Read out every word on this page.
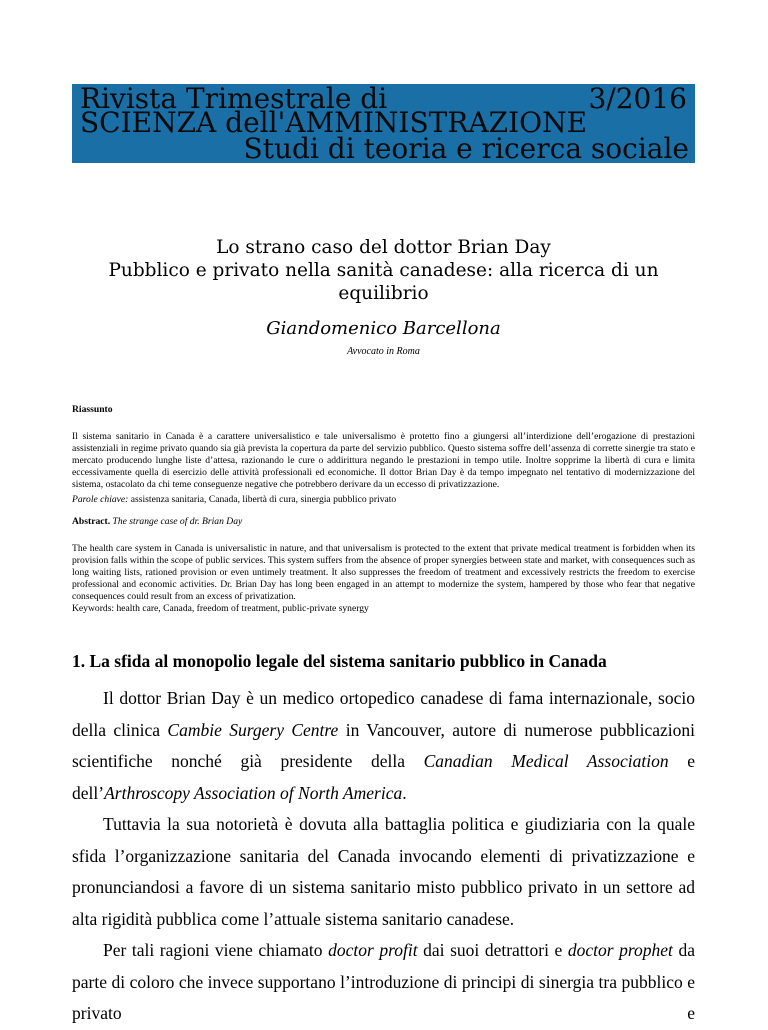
Rivista Trimestrale di	3/2016
SCIENZA dell'AMMINISTRAZIONE
Studi di teoria e ricerca sociale
Lo strano caso del dottor Brian Day
Pubblico e privato nella sanità canadese: alla ricerca di un
equilibrio
Giandomenico Barcellona
Avvocato in Roma
Riassunto
Il sistema sanitario in Canada è a carattere universalistico e tale universalismo è protetto fino a giungersi all’interdizione dell’erogazione di prestazioni assistenziali in regime privato quando sia già prevista la copertura da parte del servizio pubblico. Questo sistema soffre dell’assenza di corrette sinergie tra stato e mercato producendo lunghe liste d’attesa, razionando le cure o addirittura negando le prestazioni in tempo utile. Inoltre sopprime la libertà di cura e limita eccessivamente quella di esercizio delle attività professionali ed economiche. Il dottor Brian Day è da tempo impegnato nel tentativo di modernizzazione del sistema, ostacolato da chi teme conseguenze negative che potrebbero derivare da un eccesso di privatizzazione.
Parole chiave: assistenza sanitaria, Canada, libertà di cura, sinergia pubblico privato
Abstract. The strange case of dr. Brian Day
The health care system in Canada is universalistic in nature, and that universalism is protected to the extent that private medical treatment is forbidden when its provision falls within the scope of public services. This system suffers from the absence of proper synergies between state and market, with consequences such as long waiting lists, rationed provision or even untimely treatment. It also suppresses the freedom of treatment and excessively restricts the freedom to exercise professional and economic activities. Dr. Brian Day has long been engaged in an attempt to modernize the system, hampered by those who fear that negative consequences could result from an excess of privatization.
Keywords: health care, Canada, freedom of treatment, public-private synergy
1. La sfida al monopolio legale del sistema sanitario pubblico in Canada
Il dottor Brian Day è un medico ortopedico canadese di fama internazionale, socio della clinica Cambie Surgery Centre in Vancouver, autore di numerose pubblicazioni scientifiche nonché già presidente della Canadian Medical Association e dell’Arthroscopy Association of North America.
Tuttavia la sua notorietà è dovuta alla battaglia politica e giudiziaria con la quale sfida l’organizzazione sanitaria del Canada invocando elementi di privatizzazione e pronunciandosi a favore di un sistema sanitario misto pubblico privato in un settore ad alta rigidità pubblica come l’attuale sistema sanitario canadese.
Per tali ragioni viene chiamato doctor profit dai suoi detrattori e doctor prophet da parte di coloro che invece supportano l’introduzione di principi di sinergia tra pubblico e privato e
